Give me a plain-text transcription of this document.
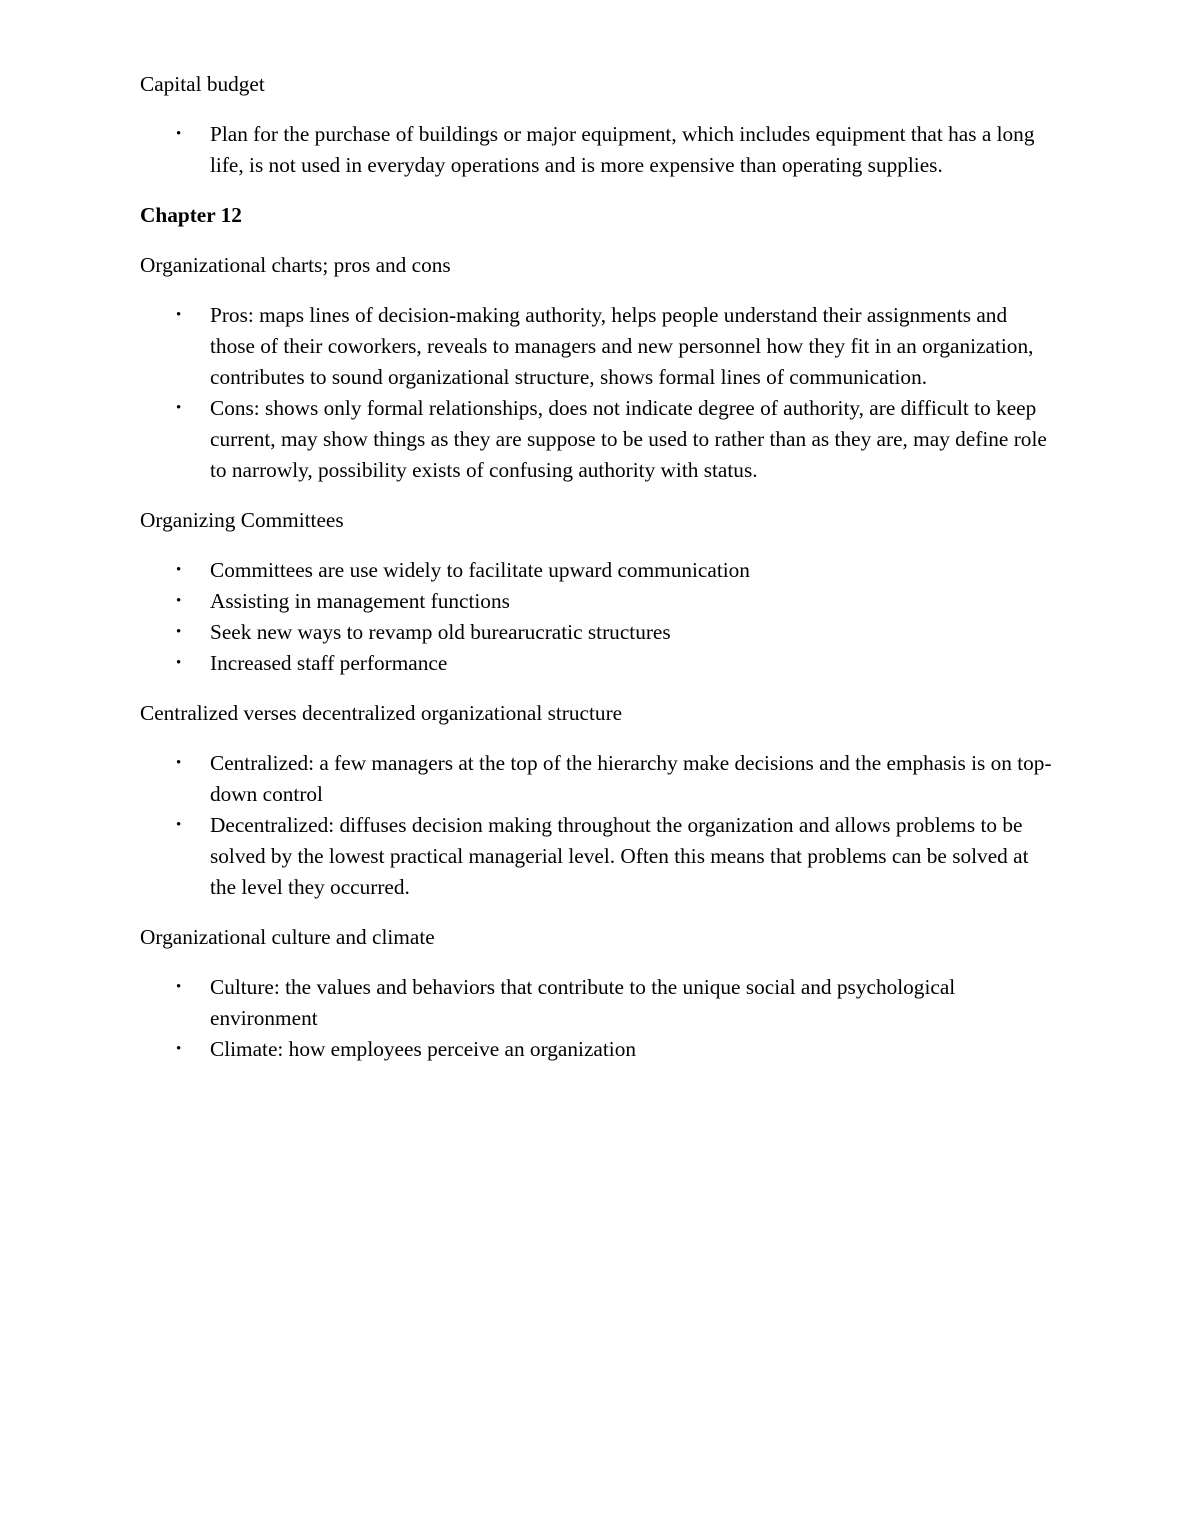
Capital budget

• Plan for the purchase of buildings or major equipment, which includes equipment that has a long life, is not used in everyday operations and is more expensive than operating supplies.

Chapter 12

Organizational charts; pros and cons

• Pros: maps lines of decision-making authority, helps people understand their assignments and those of their coworkers, reveals to managers and new personnel how they fit in an organization, contributes to sound organizational structure, shows formal lines of communication.
• Cons: shows only formal relationships, does not indicate degree of authority, are difficult to keep current, may show things as they are suppose to be used to rather than as they are, may define role to narrowly, possibility exists of confusing authority with status.

Organizing Committees

• Committees are use widely to facilitate upward communication
• Assisting in management functions
• Seek new ways to revamp old burearucratic structures
• Increased staff performance

Centralized verses decentralized organizational structure

• Centralized: a few managers at the top of the hierarchy make decisions and the emphasis is on top-down control
• Decentralized: diffuses decision making throughout the organization and allows problems to be solved by the lowest practical managerial level. Often this means that problems can be solved at the level they occurred.

Organizational culture and climate

• Culture: the values and behaviors that contribute to the unique social and psychological environment
• Climate: how employees perceive an organization
